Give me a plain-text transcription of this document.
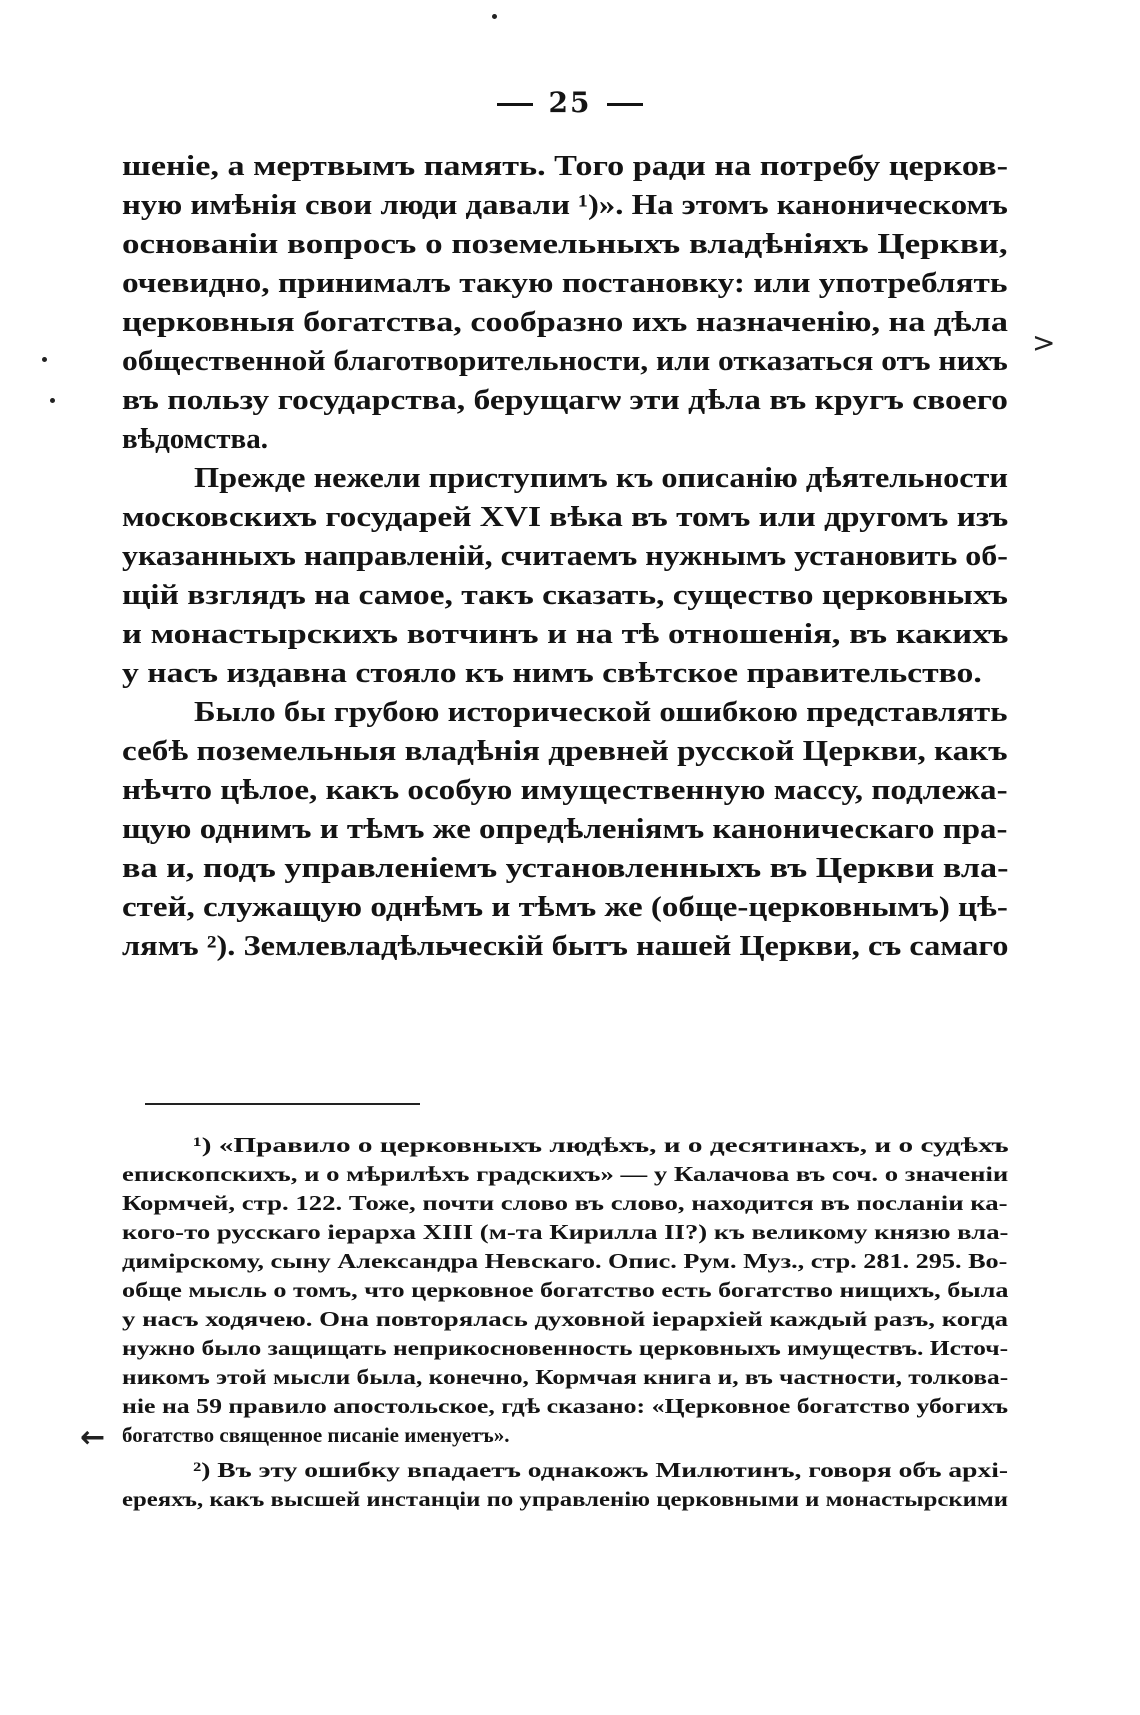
25
шенiе, а мертвымъ память. Того ради на потребу церков-
ную имѣнiя свои люди давали ¹)». На этомъ каноническомъ
основанiи вопросъ о поземельныхъ владѣнiяхъ Церкви,
очевидно, принималъ такую постановку: или употреблять
церковныя богатства, сообразно ихъ назначенiю, на дѣла
общественной благотворительности, или отказаться отъ нихъ
въ пользу государства, берущагѡ эти дѣла въ кругъ своего
вѣдомства.
Прежде нежели приступимъ къ описанiю дѣятельности
московскихъ государей XVI вѣка въ томъ или другомъ изъ
указанныхъ направленiй, считаемъ нужнымъ установить об-
щiй взглядъ на самое, такъ сказать, существо церковныхъ
и монастырскихъ вотчинъ и на тѣ отношенiя, въ какихъ
у насъ издавна стояло къ нимъ свѣтское правительство.
Было бы грубою исторической ошибкою представлять
себѣ поземельныя владѣнiя древней русской Церкви, какъ
нѣчто цѣлое, какъ особую имущественную массу, подлежа-
щую однимъ и тѣмъ же опредѣленiямъ каноническаго пра-
ва и, подъ управленiемъ установленныхъ въ Церкви вла-
стей, служащую однѣмъ и тѣмъ же (обще-церковнымъ) цѣ-
лямъ ²). Землевладѣльческiй бытъ нашей Церкви, съ самаго
¹) «Правило о церковныхъ людѣхъ, и о десятинахъ, и о судѣхъ
епископскихъ, и о мѣрилѣхъ градскихъ» — у Калачова въ соч. о значенiи
Кормчей, стр. 122. Тоже, почти слово въ слово, находится въ посланiи ка-
кого-то русскаго iерарха XIII (м-та Кирилла II?) къ великому князю вла-
димiрскому, сыну Александра Невскаго. Опис. Рум. Муз., стр. 281. 295. Во-
обще мысль о томъ, что церковное богатство есть богатство нищихъ, была
у насъ ходячею. Она повторялась духовной iерархiей каждый разъ, когда
нужно было защищать неприкосновенность церковныхъ имуществъ. Источ-
никомъ этой мысли была, конечно, Кормчая книга и, въ частности, толкова-
нiе на 59 правило апостольское, гдѣ сказано: «Церковное богатство убогихъ
богатство священное писанiе именуетъ».
²) Въ эту ошибку впадаетъ однакожъ Милютинъ, говоря объ архi-
ереяхъ, какъ высшей инстанцiи по управленiю церковными и монастырскими
>
←
